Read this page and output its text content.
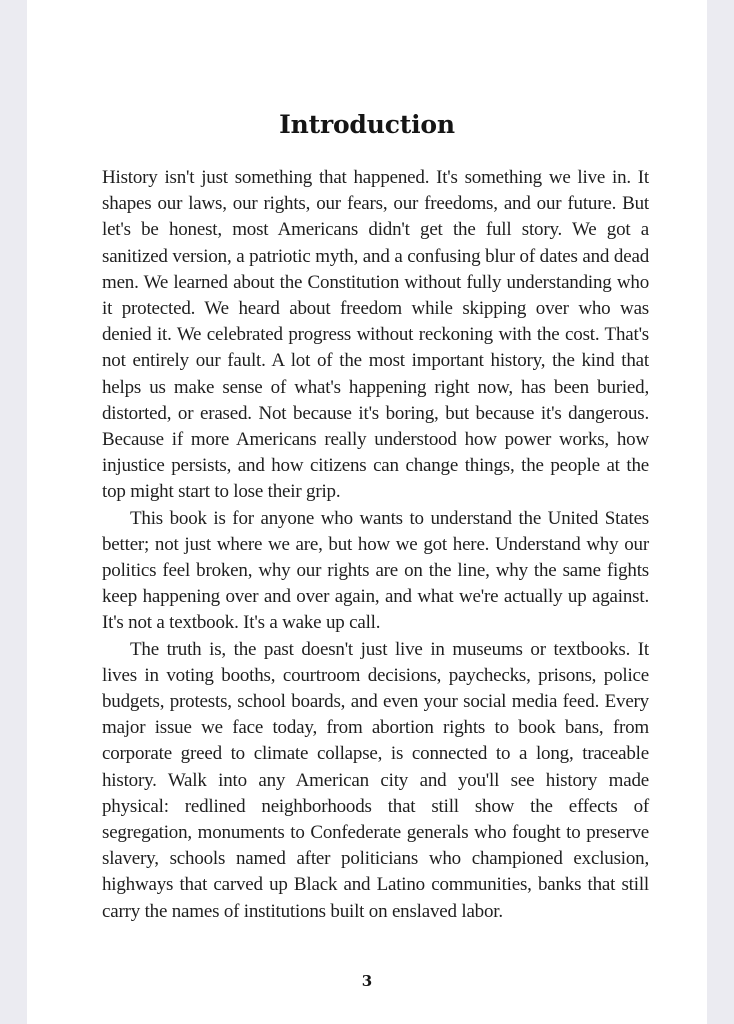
Introduction

History isn't just something that happened. It's something we live in. It shapes our laws, our rights, our fears, our freedoms, and our future. But let's be honest, most Americans didn't get the full story. We got a sanitized version, a patriotic myth, and a confusing blur of dates and dead men. We learned about the Constitution without fully understanding who it protected. We heard about freedom while skipping over who was denied it. We celebrated progress without reckoning with the cost. That's not entirely our fault. A lot of the most important history, the kind that helps us make sense of what's happening right now, has been buried, distorted, or erased. Not because it's boring, but because it's dangerous. Because if more Americans really understood how power works, how injustice persists, and how citizens can change things, the people at the top might start to lose their grip.

This book is for anyone who wants to understand the United States better; not just where we are, but how we got here. Understand why our politics feel broken, why our rights are on the line, why the same fights keep happening over and over again, and what we're actually up against. It's not a textbook. It's a wake up call.

The truth is, the past doesn't just live in museums or textbooks. It lives in voting booths, courtroom decisions, paychecks, prisons, police budgets, protests, school boards, and even your social media feed. Every major issue we face today, from abortion rights to book bans, from corporate greed to climate collapse, is connected to a long, traceable history. Walk into any American city and you'll see history made physical: redlined neighborhoods that still show the effects of segregation, monuments to Confederate generals who fought to preserve slavery, schools named after politicians who championed exclusion, highways that carved up Black and Latino communities, banks that still carry the names of institutions built on enslaved labor.

3
